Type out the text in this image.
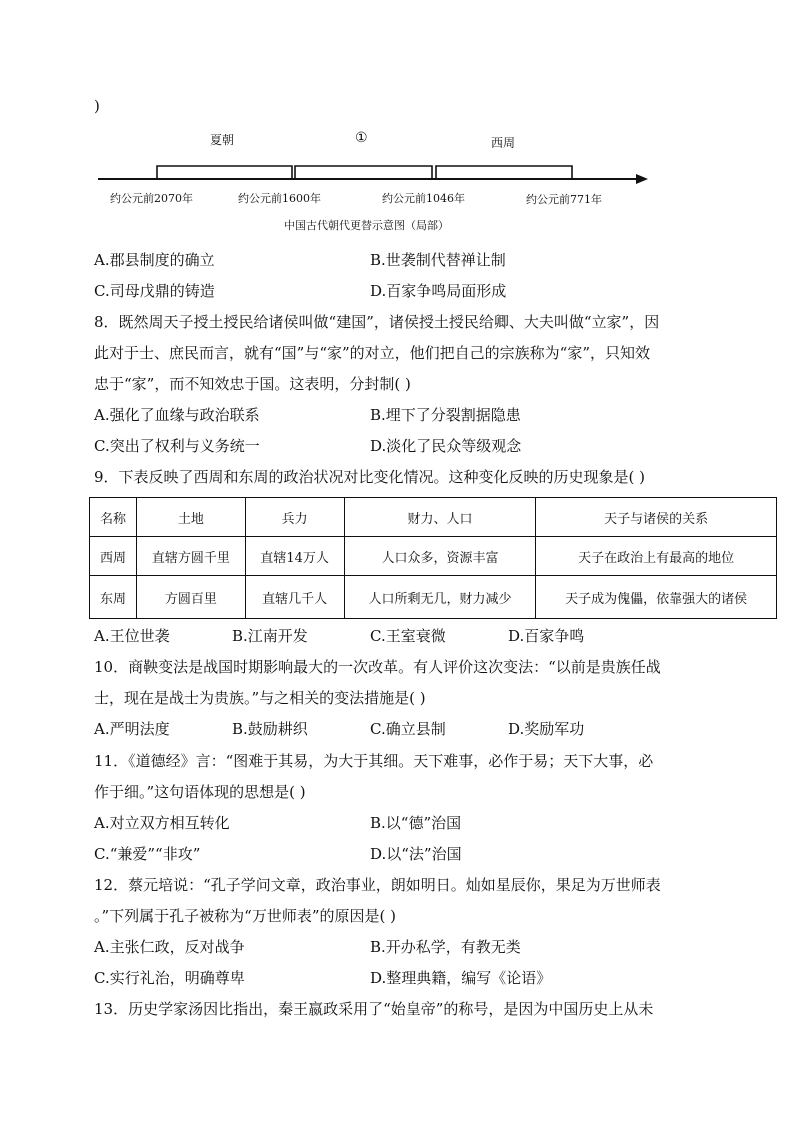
)
夏朝	①	西周
约公元前2070年	约公元前1600年	约公元前1046年	约公元前771年
中国古代朝代更替示意图（局部）
A.郡县制度的确立	B.世袭制代替禅让制
C.司母戊鼎的铸造	D.百家争鸣局面形成
8．既然周天子授土授民给诸侯叫做“建国”，诸侯授土授民给卿、大夫叫做“立家”，因
此对于士、庶民而言，就有“国”与“家”的对立，他们把自己的宗族称为“家”，只知效
忠于“家”，而不知效忠于国。这表明，分封制( )
A.强化了血缘与政治联系	B.埋下了分裂割据隐患
C.突出了权利与义务统一	D.淡化了民众等级观念
9．下表反映了西周和东周的政治状况对比变化情况。这种变化反映的历史现象是( )
名称	土地	兵力	财力、人口	天子与诸侯的关系
西周	直辖方圆千里	直辖14万人	人口众多，资源丰富	天子在政治上有最高的地位
东周	方圆百里	直辖几千人	人口所剩无几，财力减少	天子成为傀儡，依靠强大的诸侯
A.王位世袭	B.江南开发	C.王室衰微	D.百家争鸣
10．商鞅变法是战国时期影响最大的一次改革。有人评价这次变法：“以前是贵族任战
士，现在是战士为贵族。”与之相关的变法措施是( )
A.严明法度	B.鼓励耕织	C.确立县制	D.奖励军功
11．《道德经》言：“图难于其易，为大于其细。天下难事，必作于易；天下大事，必
作于细。”这句语体现的思想是( )
A.对立双方相互转化	B.以“德”治国
C.“兼爱”“非攻”	D.以“法”治国
12．蔡元培说：“孔子学问文章，政治事业，朗如明日。灿如星辰你，果足为万世师表
。”下列属于孔子被称为“万世师表”的原因是( )
A.主张仁政，反对战争	B.开办私学，有教无类
C.实行礼治，明确尊卑	D.整理典籍，编写《论语》
13．历史学家汤因比指出，秦王嬴政采用了“始皇帝”的称号，是因为中国历史上从未
